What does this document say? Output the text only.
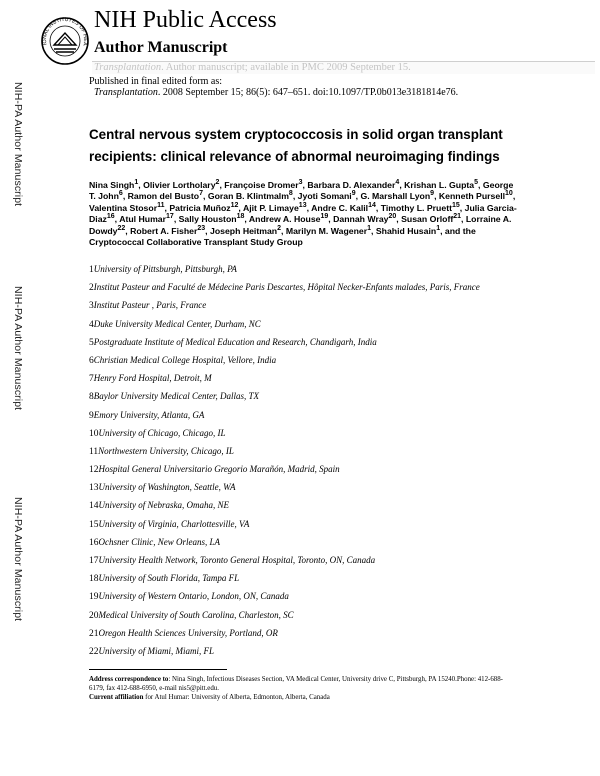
NIH-PA Author Manuscript
NIH-PA Author Manuscript
NIH-PA Author Manuscript
IONAL INSTITUTES OF HEA
NIH Public Access
Author Manuscript
Transplantation. Author manuscript; available in PMC 2009 September 15.
Published in final edited form as:
Transplantation. 2008 September 15; 86(5): 647–651. doi:10.1097/TP.0b013e3181814e76.
Central nervous system cryptococcosis in solid organ transplant recipients: clinical relevance of abnormal neuroimaging findings

Nina Singh$^1$, Olivier Lortholary$^2$, Françoise Dromer$^3$, Barbara D. Alexander$^4$, Krishan L. Gupta$^5$, George T. John$^6$, Ramon del Busto$^7$, Goran B. Klintmalm$^8$, Jyoti Somani$^9$, G. Marshall Lyon$^9$, Kenneth Pursell$^{10}$, Valentina Stosor$^{11}$, Patricia Muñoz$^{12}$, Ajit P. Limaye$^{13}$, Andre C. Kalil$^{14}$, Timothy L. Pruett$^{15}$, Julia Garcia-Diaz$^{16}$, Atul Humar$^{17}$, Sally Houston$^{18}$, Andrew A. House$^{19}$, Dannah Wray$^{20}$, Susan Orloff$^{21}$, Lorraine A. Dowdy$^{22}$, Robert A. Fisher$^{23}$, Joseph Heitman$^2$, Marilyn M. Wagener$^1$, Shahid Husain$^1$, and the Cryptococcal Collaborative Transplant Study Group

1University of Pittsburgh, Pittsburgh, PA
2Institut Pasteur and Faculté de Médecine Paris Descartes, Hôpital Necker-Enfants malades, Paris, France
3Institut Pasteur , Paris, France
4Duke University Medical Center, Durham, NC
5Postgraduate Institute of Medical Education and Research, Chandigarh, India
6Christian Medical College Hospital, Vellore, India
7Henry Ford Hospital, Detroit, M
8Baylor University Medical Center, Dallas, TX
9Emory University, Atlanta, GA
10University of Chicago, Chicago, IL
11Northwestern University, Chicago, IL
12Hospital General Universitario Gregorio Marañón, Madrid, Spain
13University of Washington, Seattle, WA
14University of Nebraska, Omaha, NE
15University of Virginia, Charlottesville, VA
16Ochsner Clinic, New Orleans, LA
17University Health Network, Toronto General Hospital, Toronto, ON, Canada
18University of South Florida, Tampa FL
19University of Western Ontario, London, ON, Canada
20Medical University of South Carolina, Charleston, SC
21Oregon Health Sciences University, Portland, OR
22University of Miami, Miami, FL
Address correspondence to: Nina Singh, Infectious Diseases Section, VA Medical Center, University drive C, Pittsburgh, PA 15240.Phone: 412-688-6179, fax 412-688-6950, e-mail nis5@pitt.edu.
Current affiliation for Atul Humar: University of Alberta, Edmonton, Alberta, Canada
